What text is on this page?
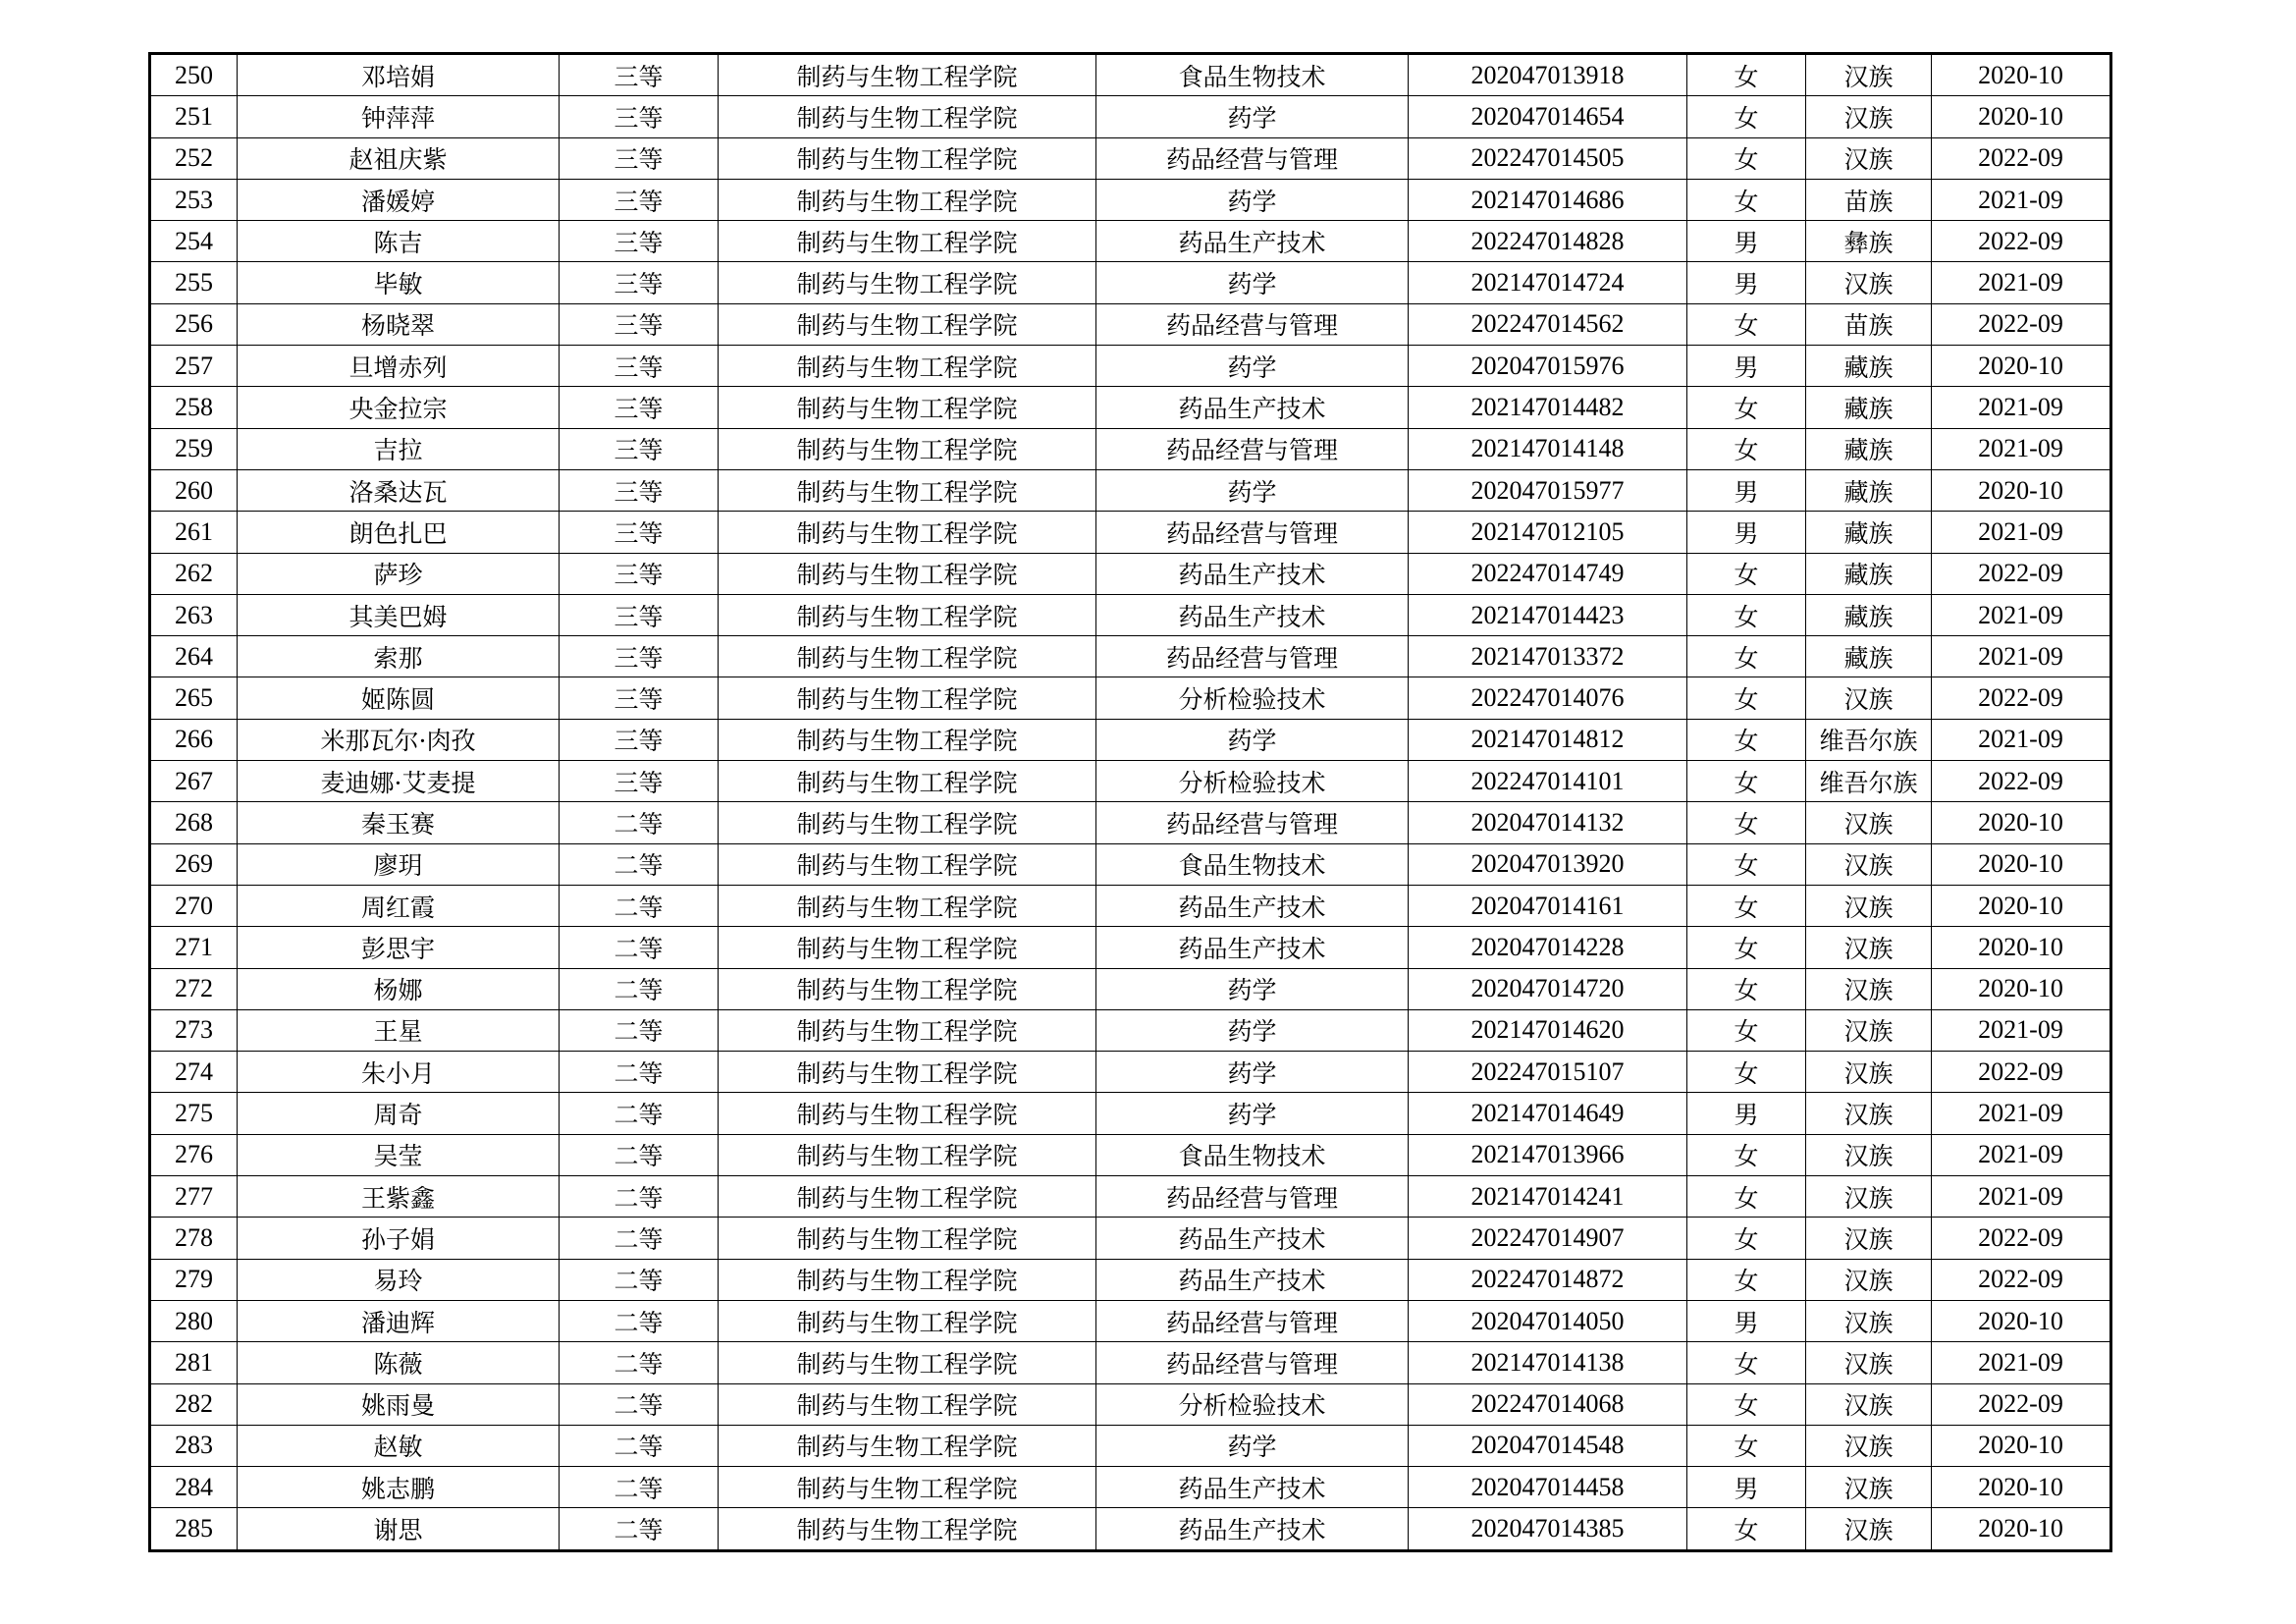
250	邓培娟	三等	制药与生物工程学院	食品生物技术	202047013918	女	汉族	2020-10
251	钟萍萍	三等	制药与生物工程学院	药学	202047014654	女	汉族	2020-10
252	赵祖庆紫	三等	制药与生物工程学院	药品经营与管理	202247014505	女	汉族	2022-09
253	潘媛婷	三等	制药与生物工程学院	药学	202147014686	女	苗族	2021-09
254	陈吉	三等	制药与生物工程学院	药品生产技术	202247014828	男	彝族	2022-09
255	毕敏	三等	制药与生物工程学院	药学	202147014724	男	汉族	2021-09
256	杨晓翠	三等	制药与生物工程学院	药品经营与管理	202247014562	女	苗族	2022-09
257	旦增赤列	三等	制药与生物工程学院	药学	202047015976	男	藏族	2020-10
258	央金拉宗	三等	制药与生物工程学院	药品生产技术	202147014482	女	藏族	2021-09
259	吉拉	三等	制药与生物工程学院	药品经营与管理	202147014148	女	藏族	2021-09
260	洛桑达瓦	三等	制药与生物工程学院	药学	202047015977	男	藏族	2020-10
261	朗色扎巴	三等	制药与生物工程学院	药品经营与管理	202147012105	男	藏族	2021-09
262	萨珍	三等	制药与生物工程学院	药品生产技术	202247014749	女	藏族	2022-09
263	其美巴姆	三等	制药与生物工程学院	药品生产技术	202147014423	女	藏族	2021-09
264	索那	三等	制药与生物工程学院	药品经营与管理	202147013372	女	藏族	2021-09
265	姬陈圆	三等	制药与生物工程学院	分析检验技术	202247014076	女	汉族	2022-09
266	米那瓦尔·肉孜	三等	制药与生物工程学院	药学	202147014812	女	维吾尔族	2021-09
267	麦迪娜·艾麦提	三等	制药与生物工程学院	分析检验技术	202247014101	女	维吾尔族	2022-09
268	秦玉赛	二等	制药与生物工程学院	药品经营与管理	202047014132	女	汉族	2020-10
269	廖玥	二等	制药与生物工程学院	食品生物技术	202047013920	女	汉族	2020-10
270	周红霞	二等	制药与生物工程学院	药品生产技术	202047014161	女	汉族	2020-10
271	彭思宇	二等	制药与生物工程学院	药品生产技术	202047014228	女	汉族	2020-10
272	杨娜	二等	制药与生物工程学院	药学	202047014720	女	汉族	2020-10
273	王星	二等	制药与生物工程学院	药学	202147014620	女	汉族	2021-09
274	朱小月	二等	制药与生物工程学院	药学	202247015107	女	汉族	2022-09
275	周奇	二等	制药与生物工程学院	药学	202147014649	男	汉族	2021-09
276	吴莹	二等	制药与生物工程学院	食品生物技术	202147013966	女	汉族	2021-09
277	王紫鑫	二等	制药与生物工程学院	药品经营与管理	202147014241	女	汉族	2021-09
278	孙子娟	二等	制药与生物工程学院	药品生产技术	202247014907	女	汉族	2022-09
279	易玲	二等	制药与生物工程学院	药品生产技术	202247014872	女	汉族	2022-09
280	潘迪辉	二等	制药与生物工程学院	药品经营与管理	202047014050	男	汉族	2020-10
281	陈薇	二等	制药与生物工程学院	药品经营与管理	202147014138	女	汉族	2021-09
282	姚雨曼	二等	制药与生物工程学院	分析检验技术	202247014068	女	汉族	2022-09
283	赵敏	二等	制药与生物工程学院	药学	202047014548	女	汉族	2020-10
284	姚志鹏	二等	制药与生物工程学院	药品生产技术	202047014458	男	汉族	2020-10
285	谢思	二等	制药与生物工程学院	药品生产技术	202047014385	女	汉族	2020-10
